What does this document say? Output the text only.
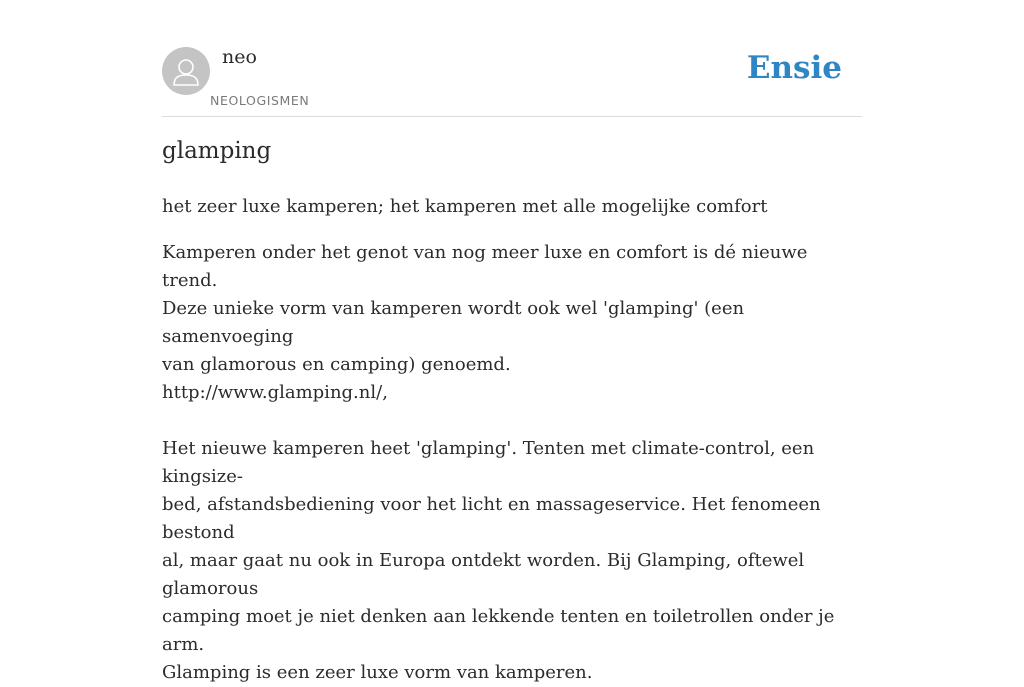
neo
NEOLOGISMEN
Ensie
glamping

het zeer luxe kamperen; het kamperen met alle mogelijke comfort

Kamperen onder het genot van nog meer luxe en comfort is dé nieuwe trend.

Deze unieke vorm van kamperen wordt ook wel 'glamping' (een samenvoeging

van glamorous en camping) genoemd.

http://www.glamping.nl/,

Het nieuwe kamperen heet 'glamping'. Tenten met climate-control, een kingsize-

bed, afstandsbediening voor het licht en massageservice. Het fenomeen bestond

al, maar gaat nu ook in Europa ontdekt worden. Bij Glamping, oftewel glamorous

camping moet je niet denken aan lekkende tenten en toiletrollen onder je arm.

Glamping is een zeer luxe vorm van kamperen.
